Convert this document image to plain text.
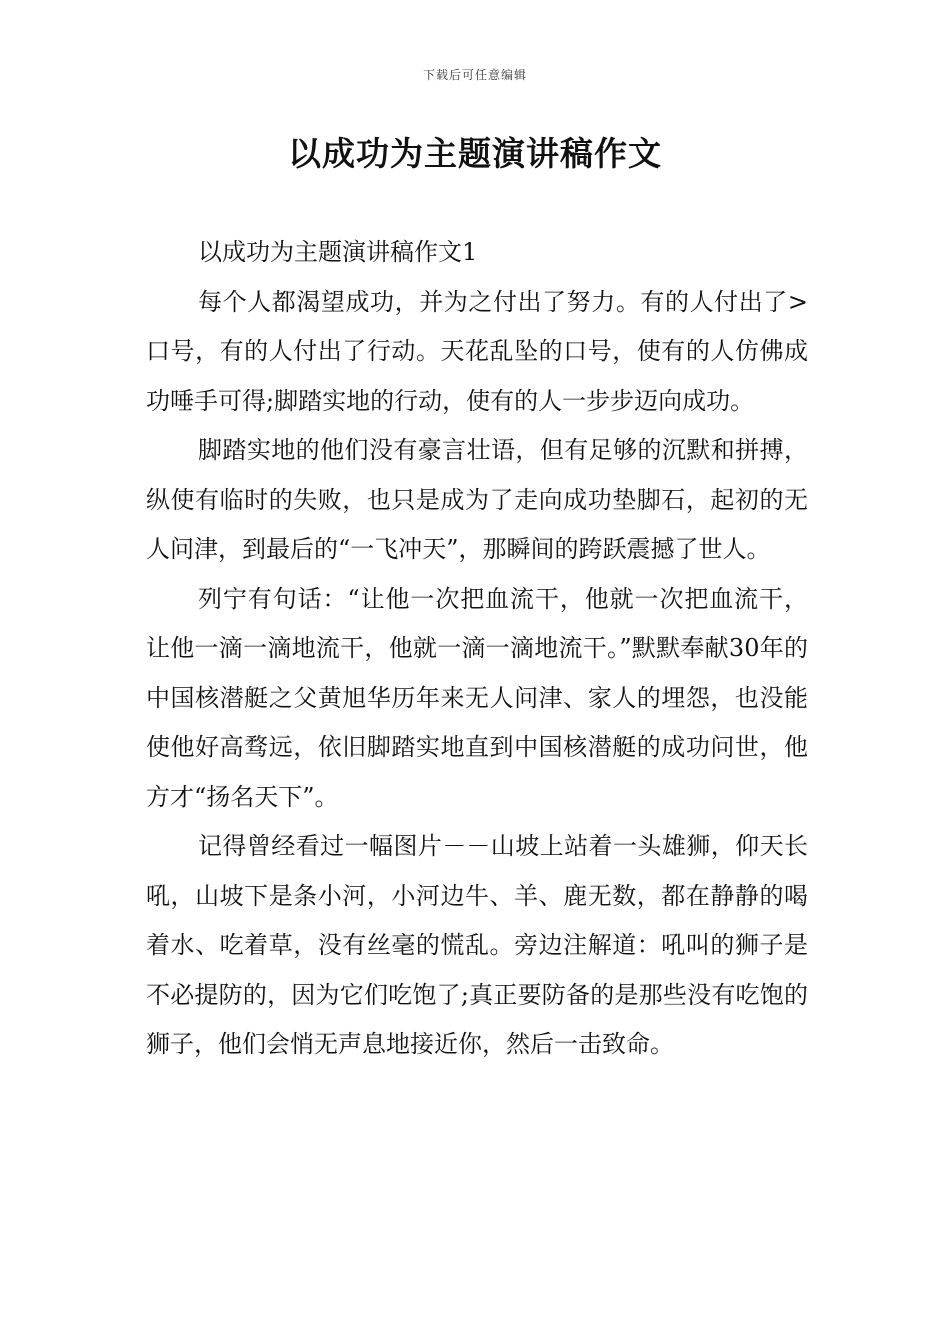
下载后可任意编辑
以成功为主题演讲稿作文

以成功为主题演讲稿作文1

每个人都渴望成功，并为之付出了努力。有的人付出了>口号，有的人付出了行动。天花乱坠的口号，使有的人仿佛成功唾手可得;脚踏实地的行动，使有的人一步步迈向成功。

脚踏实地的他们没有豪言壮语，但有足够的沉默和拼搏，纵使有临时的失败，也只是成为了走向成功垫脚石，起初的无人问津，到最后的“一飞冲天”，那瞬间的跨跃震撼了世人。

列宁有句话：“让他一次把血流干，他就一次把血流干，让他一滴一滴地流干，他就一滴一滴地流干。”默默奉献30年的中国核潜艇之父黄旭华历年来无人问津、家人的埋怨，也没能使他好高骛远，依旧脚踏实地直到中国核潜艇的成功问世，他方才“扬名天下”。

记得曾经看过一幅图片－－山坡上站着一头雄狮，仰天长吼，山坡下是条小河，小河边牛、羊、鹿无数，都在静静的喝着水、吃着草，没有丝毫的慌乱。旁边注解道：吼叫的狮子是不必提防的，因为它们吃饱了;真正要防备的是那些没有吃饱的狮子，他们会悄无声息地接近你，然后一击致命。
